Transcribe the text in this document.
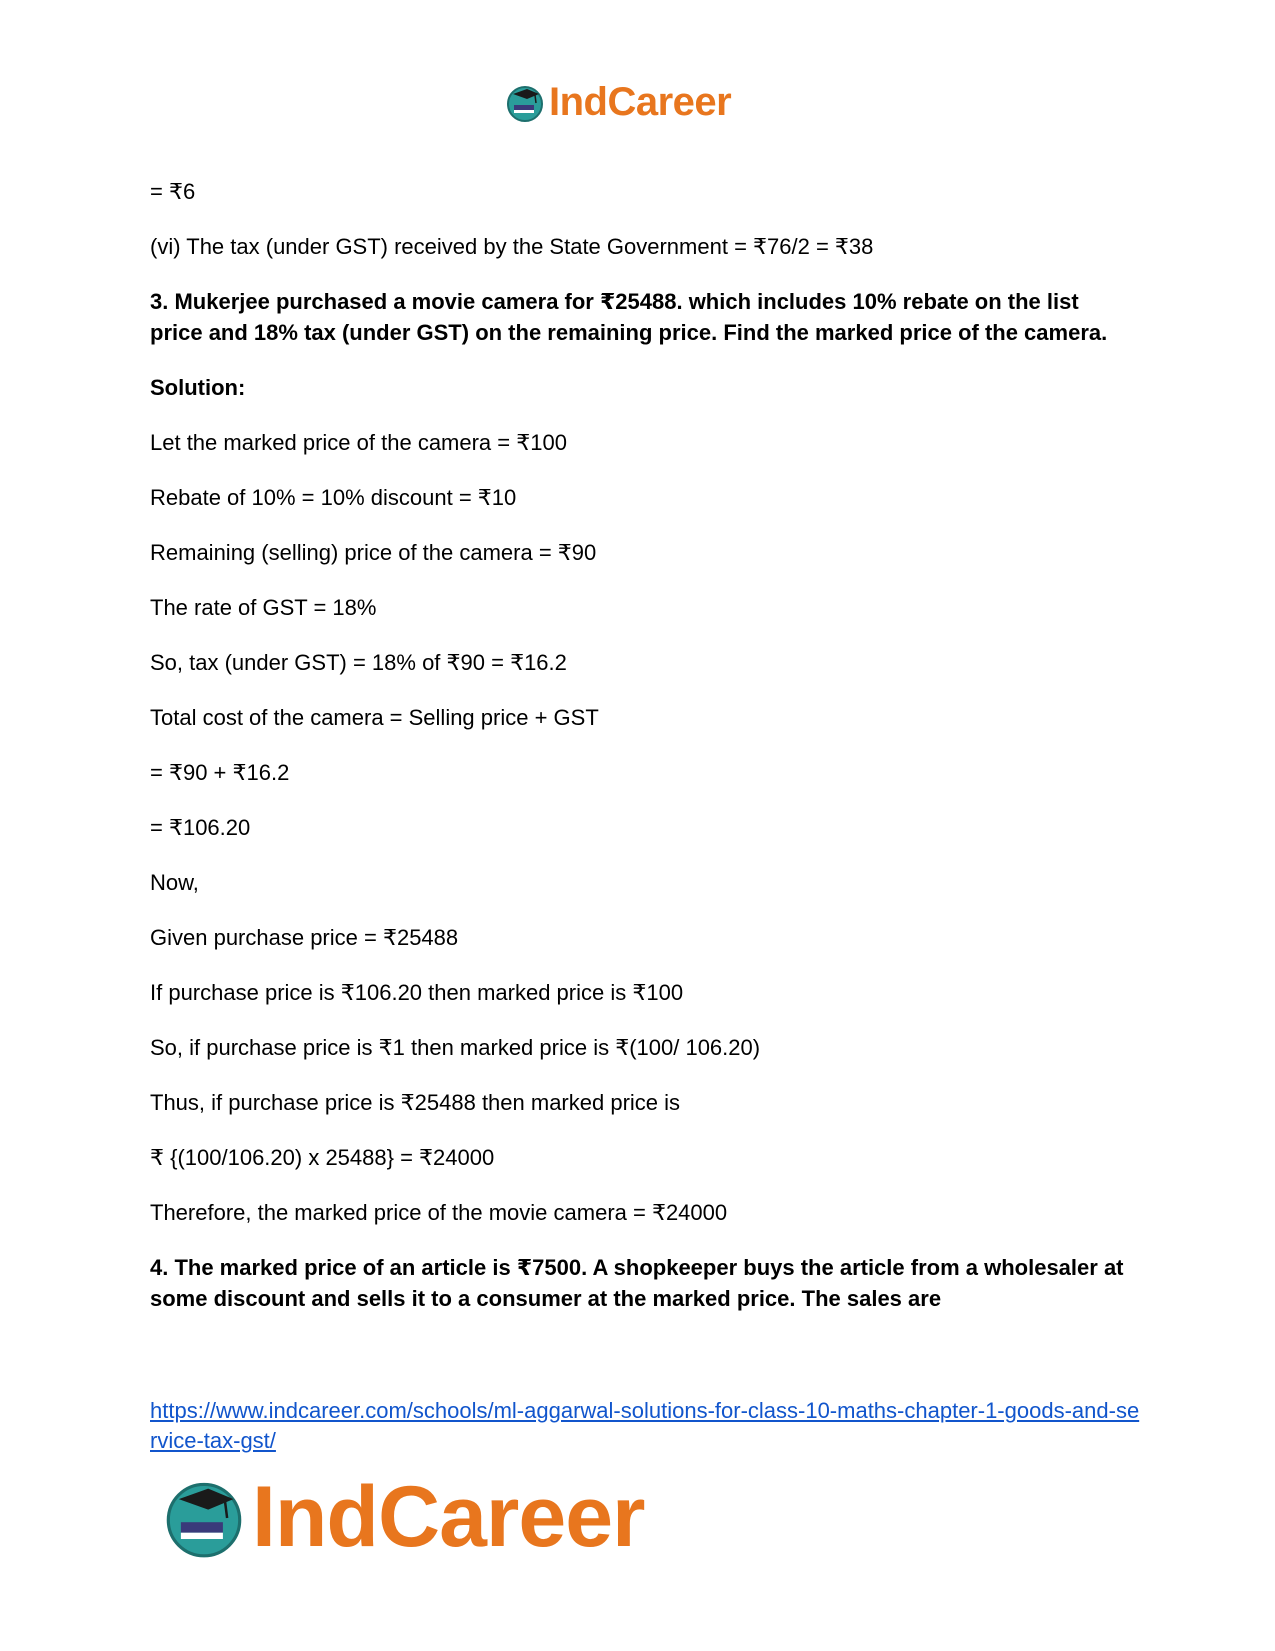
IndCareer

= ₹6

(vi) The tax (under GST) received by the State Government = ₹76/2 = ₹38

3. Mukerjee purchased a movie camera for ₹25488. which includes 10% rebate on the list price and 18% tax (under GST) on the remaining price. Find the marked price of the camera.

Solution:

Let the marked price of the camera = ₹100

Rebate of 10% = 10% discount = ₹10

Remaining (selling) price of the camera = ₹90

The rate of GST = 18%

So, tax (under GST) = 18% of ₹90 = ₹16.2

Total cost of the camera = Selling price + GST

= ₹90 + ₹16.2

= ₹106.20

Now,

Given purchase price = ₹25488

If purchase price is ₹106.20 then marked price is ₹100

So, if purchase price is ₹1 then marked price is ₹(100/ 106.20)

Thus, if purchase price is ₹25488 then marked price is

₹ {(100/106.20) x 25488} = ₹24000

Therefore, the marked price of the movie camera = ₹24000

4. The marked price of an article is ₹7500. A shopkeeper buys the article from a wholesaler at some discount and sells it to a consumer at the marked price. The sales are

https://www.indcareer.com/schools/ml-aggarwal-solutions-for-class-10-maths-chapter-1-goods-and-service-tax-gst/
IndCareer
